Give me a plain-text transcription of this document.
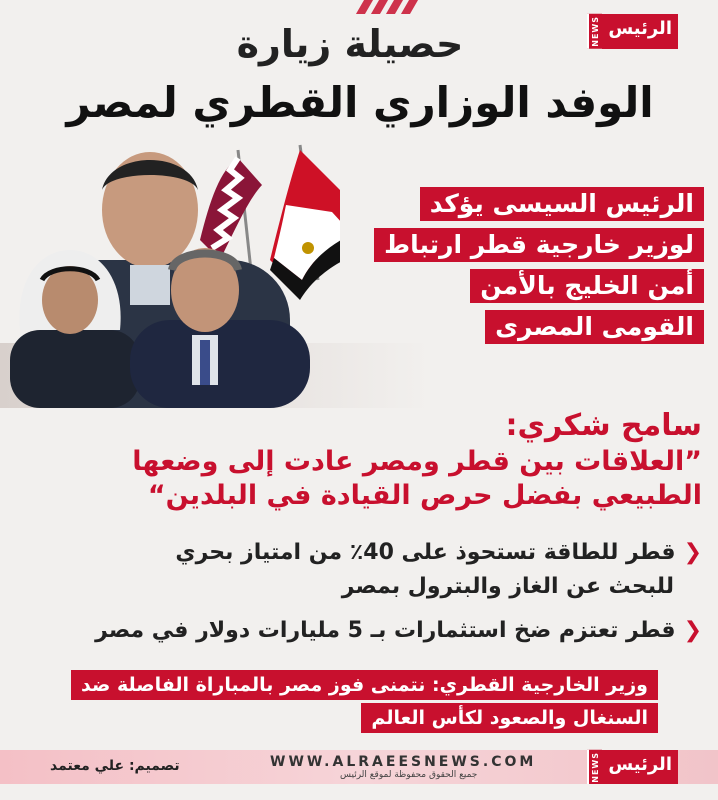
NEWS الرئيس
حصيلة زيارة
الوفد الوزاري القطري لمصر
الرئيس السيسى يؤكد
لوزير خارجية قطر ارتباط
أمن الخليج بالأمن
القومى المصرى
سامح شكري:
”العلاقات بين قطر ومصر عادت إلى وضعها
الطبيعي بفضل حرص القيادة في البلدين“
❮
قطر للطاقة تستحوذ على 40٪ من امتياز بحري
للبحث عن الغاز والبترول بمصر
❮
قطر تعتزم ضخ استثمارات بـ 5 مليارات دولار في مصر
وزير الخارجية القطري: نتمنى فوز مصر بالمباراة الفاصلة ضد
السنغال والصعود لكأس العالم
WWW.ALRAEESNEWS.COM
جميع الحقوق محفوظة لموقع الرئيس
تصميم: علي معتمد	NEWS الرئيس
